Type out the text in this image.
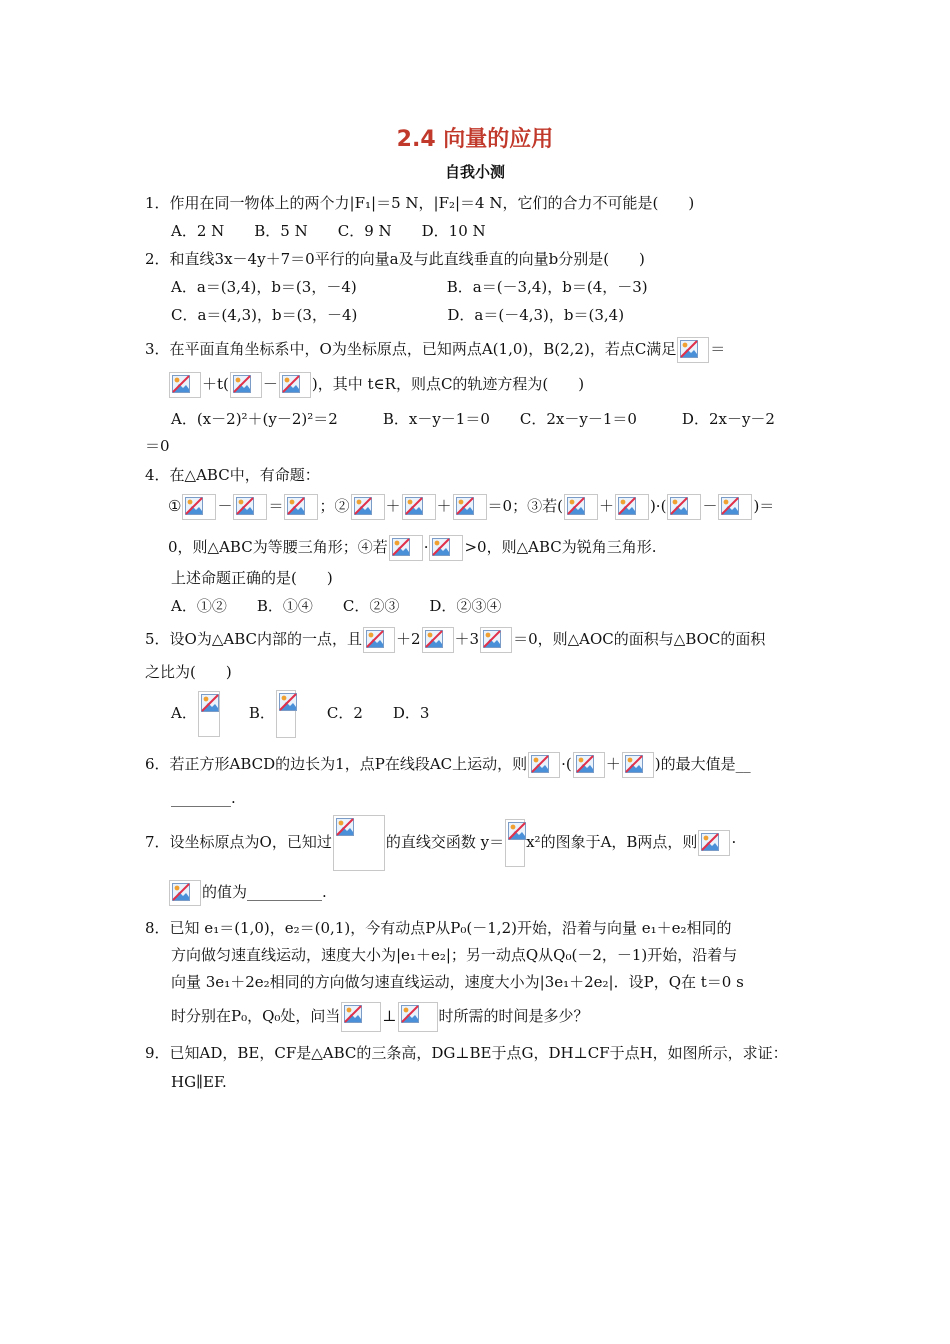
2.4 向量的应用
自我小测
1．作用在同一物体上的两个力|F₁|＝5 N，|F₂|＝4 N，它们的合力不可能是(　　)
A．2 N　　B．5 N　　C．9 N　　D．10 N
2．和直线3x－4y＋7＝0平行的向量a及与此直线垂直的向量b分别是(　　)
A．a＝(3,4)，b＝(3，－4)　　　　　　B．a＝(－3,4)，b＝(4，－3)
C．a＝(4,3)，b＝(3，－4)　　　　　　D．a＝(－4,3)，b＝(3,4)
3．在平面直角坐标系中，O为坐标原点，已知两点A(1,0)，B(2,2)，若点C满足 ＝
＋t( － )，其中 t∈R，则点C的轨迹方程为(　　)
A．(x－2)²＋(y－2)²＝2　　　B．x－y－1＝0　　C．2x－y－1＝0　　　D．2x－y－2
＝0
4．在△ABC中，有命题：
① － ＝ ；② ＋ ＋ ＝0；③若( ＋ )·( － )＝
0，则△ABC为等腰三角形；④若 · >0，则△ABC为锐角三角形.
上述命题正确的是(　　)
A．①②　　B．①④　　C．②③　　D．②③④
5．设O为△ABC内部的一点，且 ＋2 ＋3 ＝0，则△AOC的面积与△BOC的面积
之比为(　　)
A．	B．	C．2　　D．3
6．若正方形ABCD的边长为1，点P在线段AC上运动，则 ·( ＋ )的最大值是__
________.
7．设坐标原点为O，已知过	的直线交函数 y＝ x²的图象于A，B两点，则 ·
的值为__________.
8．已知 e₁＝(1,0)，e₂＝(0,1)，今有动点P从P₀(－1,2)开始，沿着与向量 e₁＋e₂相同的
方向做匀速直线运动，速度大小为|e₁＋e₂|；另一动点Q从Q₀(－2，－1)开始，沿着与
向量 3e₁＋2e₂相同的方向做匀速直线运动，速度大小为|3e₁＋2e₂|．设P，Q在 t＝0 s
时分别在P₀，Q₀处，问当	⊥	时所需的时间是多少？
9．已知AD，BE，CF是△ABC的三条高，DG⊥BE于点G，DH⊥CF于点H，如图所示，求证：
HG∥EF.
